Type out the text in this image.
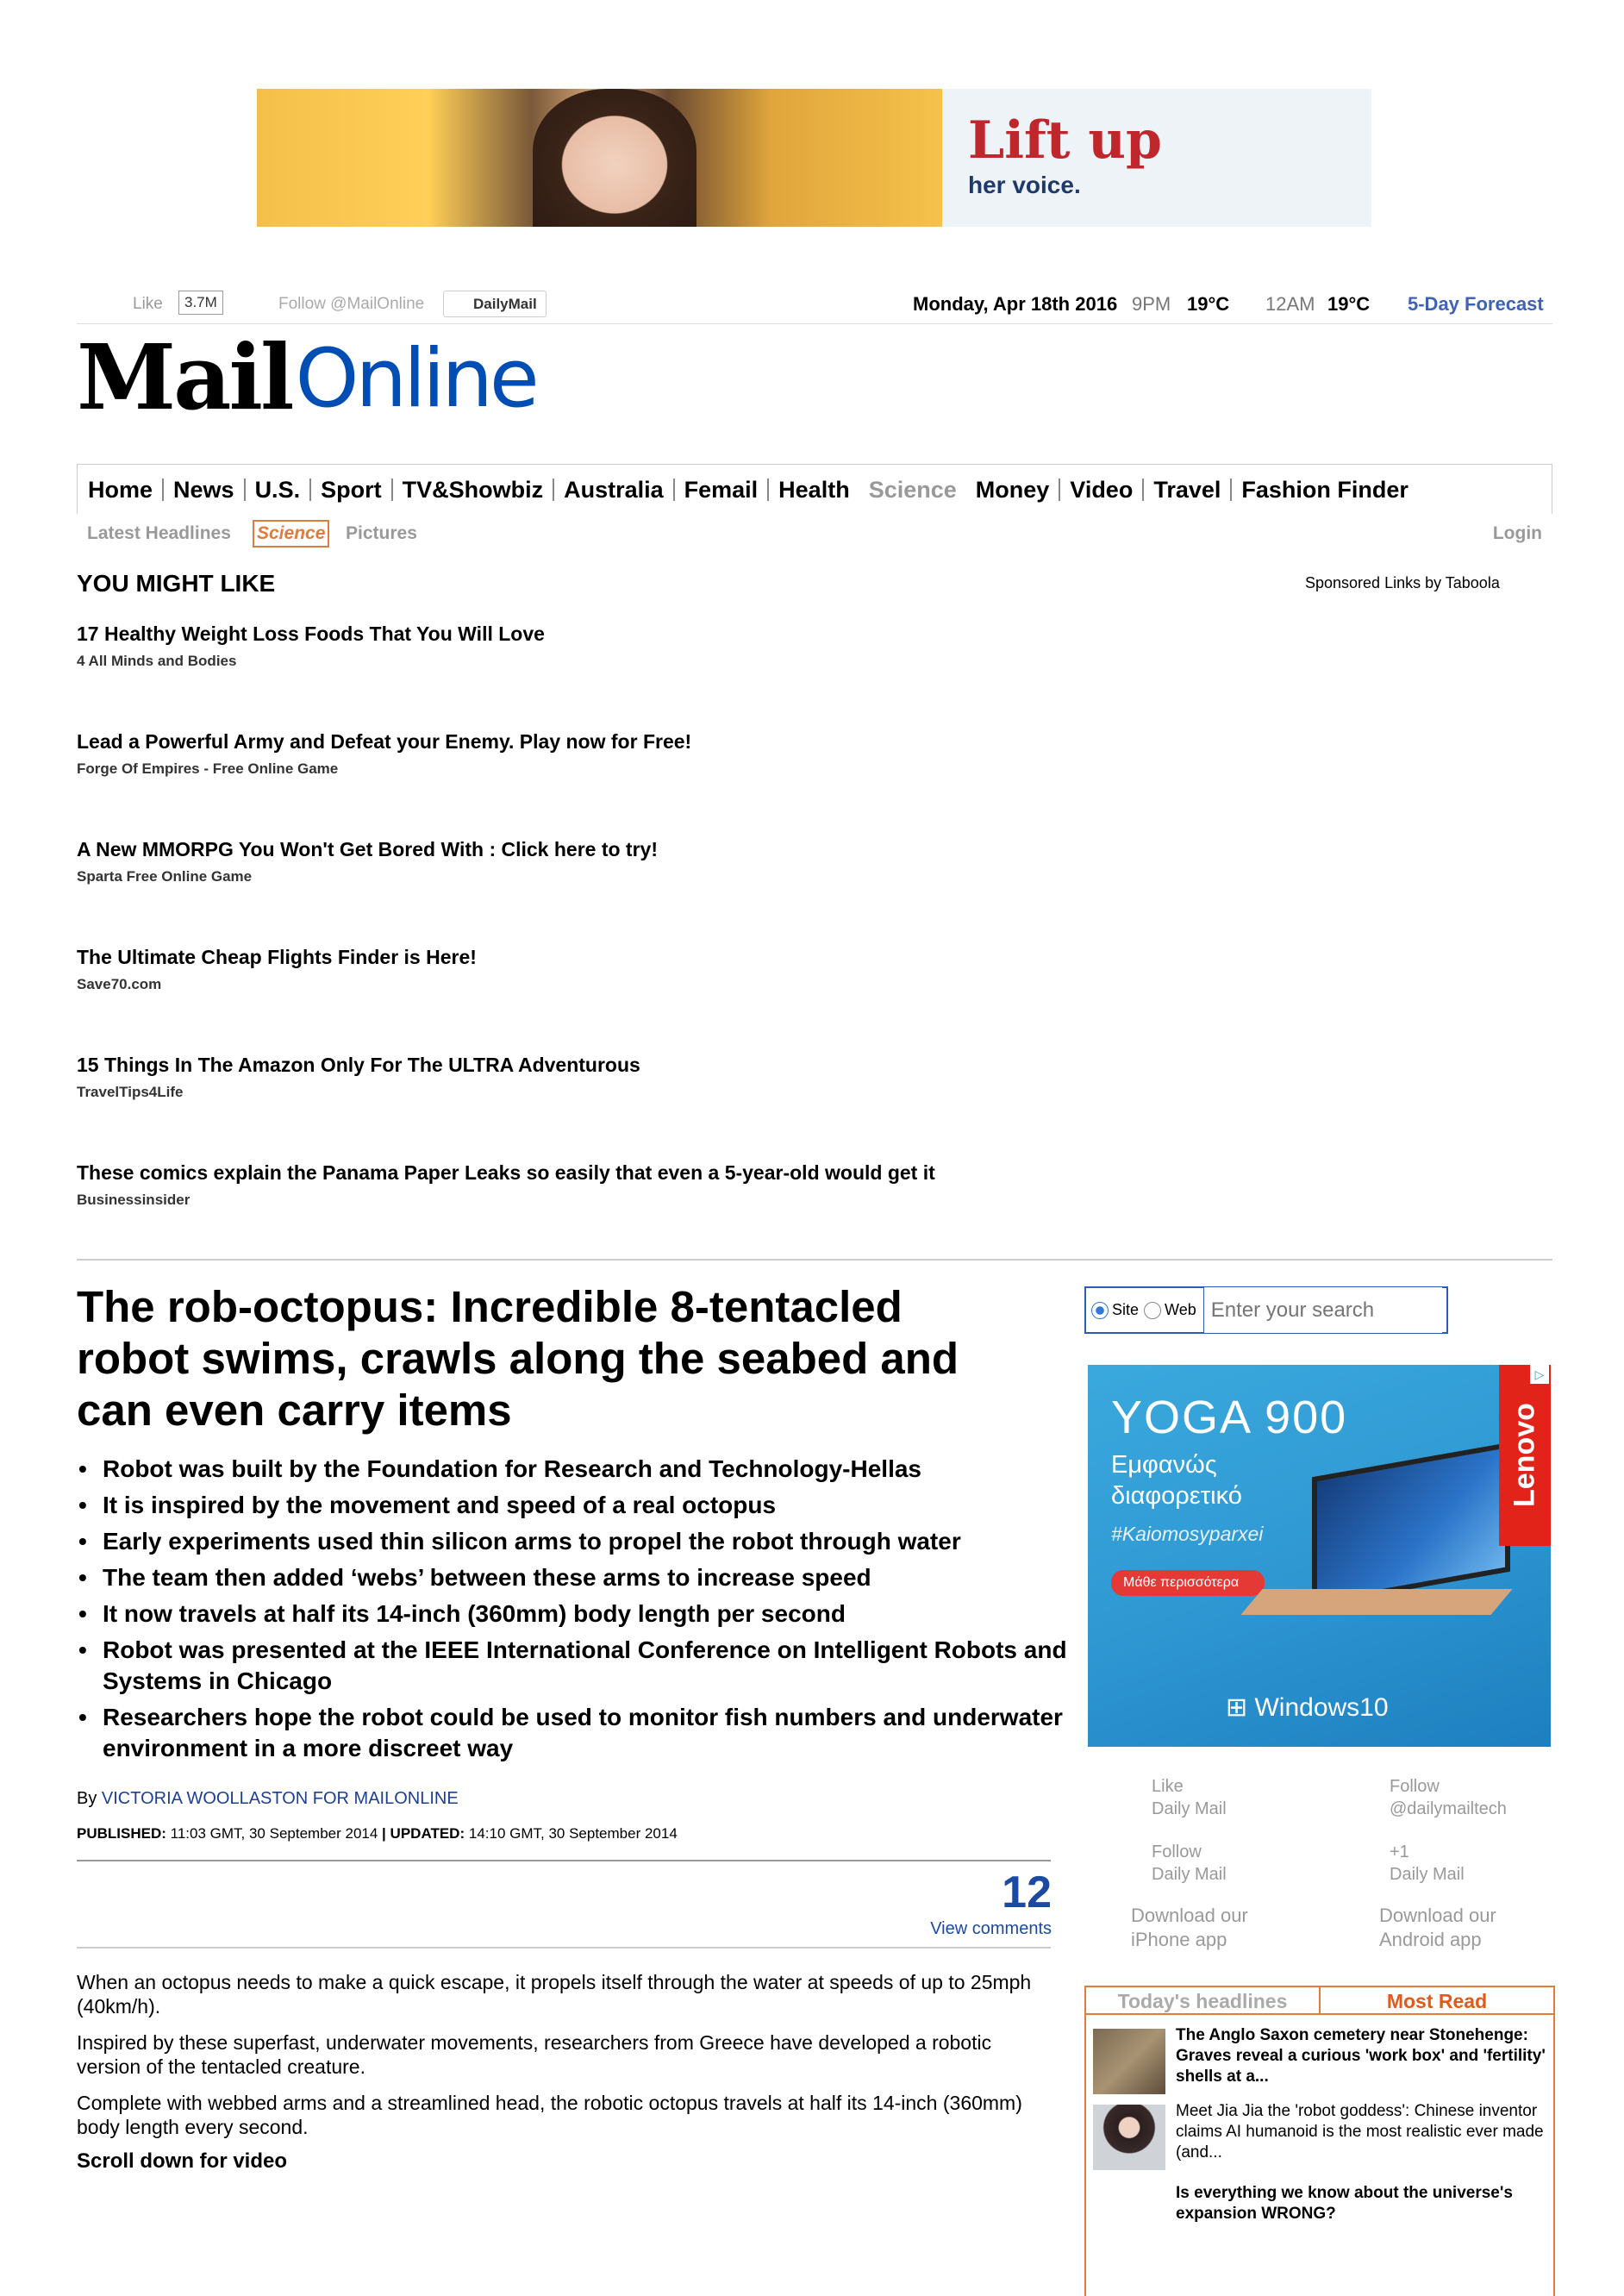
Lift up
her voice.
Like	3.7M	Follow @MailOnline	DailyMail	Monday, Apr 18th 2016 9PM 19°C 12AM 19°C 5-Day Forecast
Mail Online
Home News U.S. Sport TV&Showbiz Australia Femail Health Science Money Video Travel Fashion Finder
Latest Headlines Science Pictures	Login
YOU MIGHT LIKE	Sponsored Links by Taboola
17 Healthy Weight Loss Foods That You Will Love
4 All Minds and Bodies
Lead a Powerful Army and Defeat your Enemy. Play now for Free!
Forge Of Empires - Free Online Game
A New MMORPG You Won't Get Bored With : Click here to try!
Sparta Free Online Game
The Ultimate Cheap Flights Finder is Here!
Save70.com
15 Things In The Amazon Only For The ULTRA Adventurous
TravelTips4Life
These comics explain the Panama Paper Leaks so easily that even a 5-year-old would get it
Businessinsider
The rob-octopus: Incredible 8-tentacled robot swims, crawls along the seabed and can even carry items
• Robot was built by the Foundation for Research and Technology-Hellas
• It is inspired by the movement and speed of a real octopus
• Early experiments used thin silicon arms to propel the robot through water
• The team then added ‘webs’ between these arms to increase speed
• It now travels at half its 14-inch (360mm) body length per second
• Robot was presented at the IEEE International Conference on Intelligent Robots and Systems in Chicago
• Researchers hope the robot could be used to monitor fish numbers and underwater environment in a more discreet way
By VICTORIA WOOLLASTON FOR MAILONLINE
PUBLISHED: 11:03 GMT, 30 September 2014 | UPDATED: 14:10 GMT, 30 September 2014
12
View comments

When an octopus needs to make a quick escape, it propels itself through the water at speeds of up to 25mph (40km/h).

Inspired by these superfast, underwater movements, researchers from Greece have developed a robotic version of the tentacled creature.

Complete with webbed arms and a streamlined head, the robotic octopus travels at half its 14-inch (360mm) body length every second.

Scroll down for video
Site Web
Enter your search
YOGA 900
Εμφανώς
διαφορετικό
#Kaiomosyparxei
Μάθε περισσότερα
Lenovo
⊞ Windows10
▷
Like
Daily Mail
Follow
@dailymailtech
Follow
Daily Mail
+1
Daily Mail
Download our
iPhone app
Download our
Android app
Today's headlines	Most Read
The Anglo Saxon cemetery near Stonehenge: Graves reveal a curious 'work box' and 'fertility' shells at a...
Meet Jia Jia the 'robot goddess': Chinese inventor claims AI humanoid is the most realistic ever made (and...
Is everything we know about the universe's expansion WRONG?
